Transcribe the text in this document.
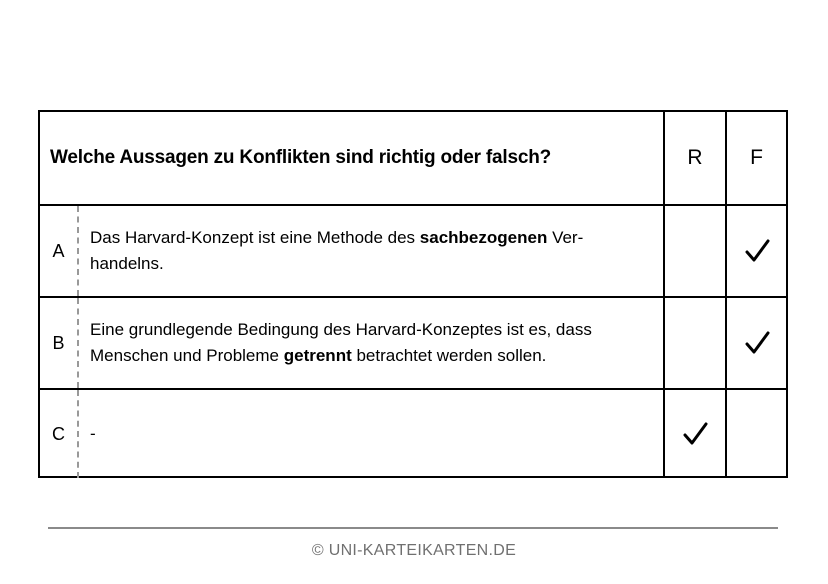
Welche Aussagen zu Konflikten sind richtig oder falsch?	R F
A

Das Harvard-Konzept ist eine Methode des sachbezogenen Ver-
handelns.

B

Eine grundlegende Bedingung des Harvard-Konzeptes ist es, dass
Menschen und Probleme getrennt betrachtet werden sollen.

C	-

© UNI-KARTEIKARTEN.DE
